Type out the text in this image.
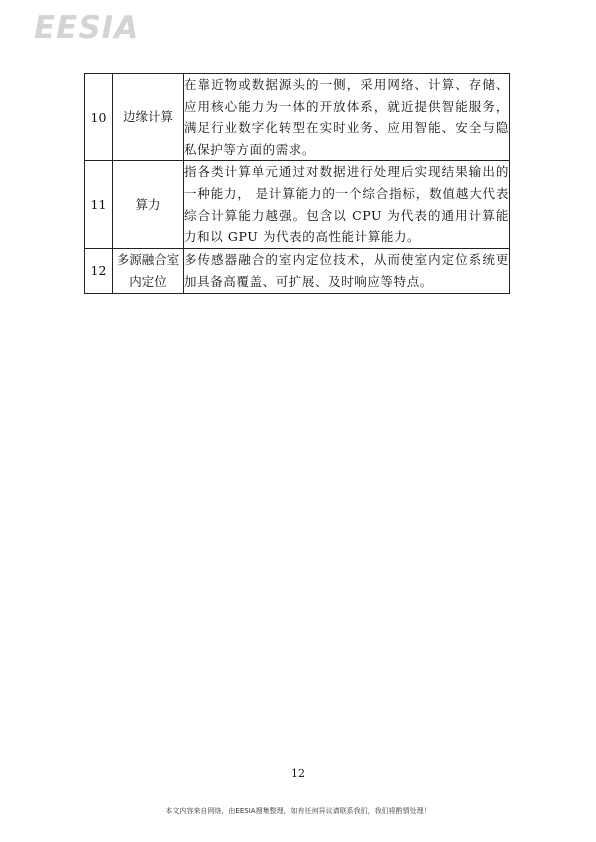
EESIA
10	边缘计算	在靠近物或数据源头的一侧，采用网络、计算、存储、应用核心能力为一体的开放体系，就近提供智能服务，满足行业数字化转型在实时业务、应用智能、安全与隐私保护等方面的需求。
11	算力	指各类计算单元通过对数据进行处理后实现结果输出的一种能力， 是计算能力的一个综合指标，数值越大代表综合计算能力越强。包含以 CPU 为代表的通用计算能力和以 GPU 为代表的高性能计算能力。
12	多源融合室内定位	多传感器融合的室内定位技术，从而使室内定位系统更加具备高覆盖、可扩展、及时响应等特点。
12
本文内容来自网络，由EESIA搜集整理，如有任何异议请联系我们，我们将酌情处理！
